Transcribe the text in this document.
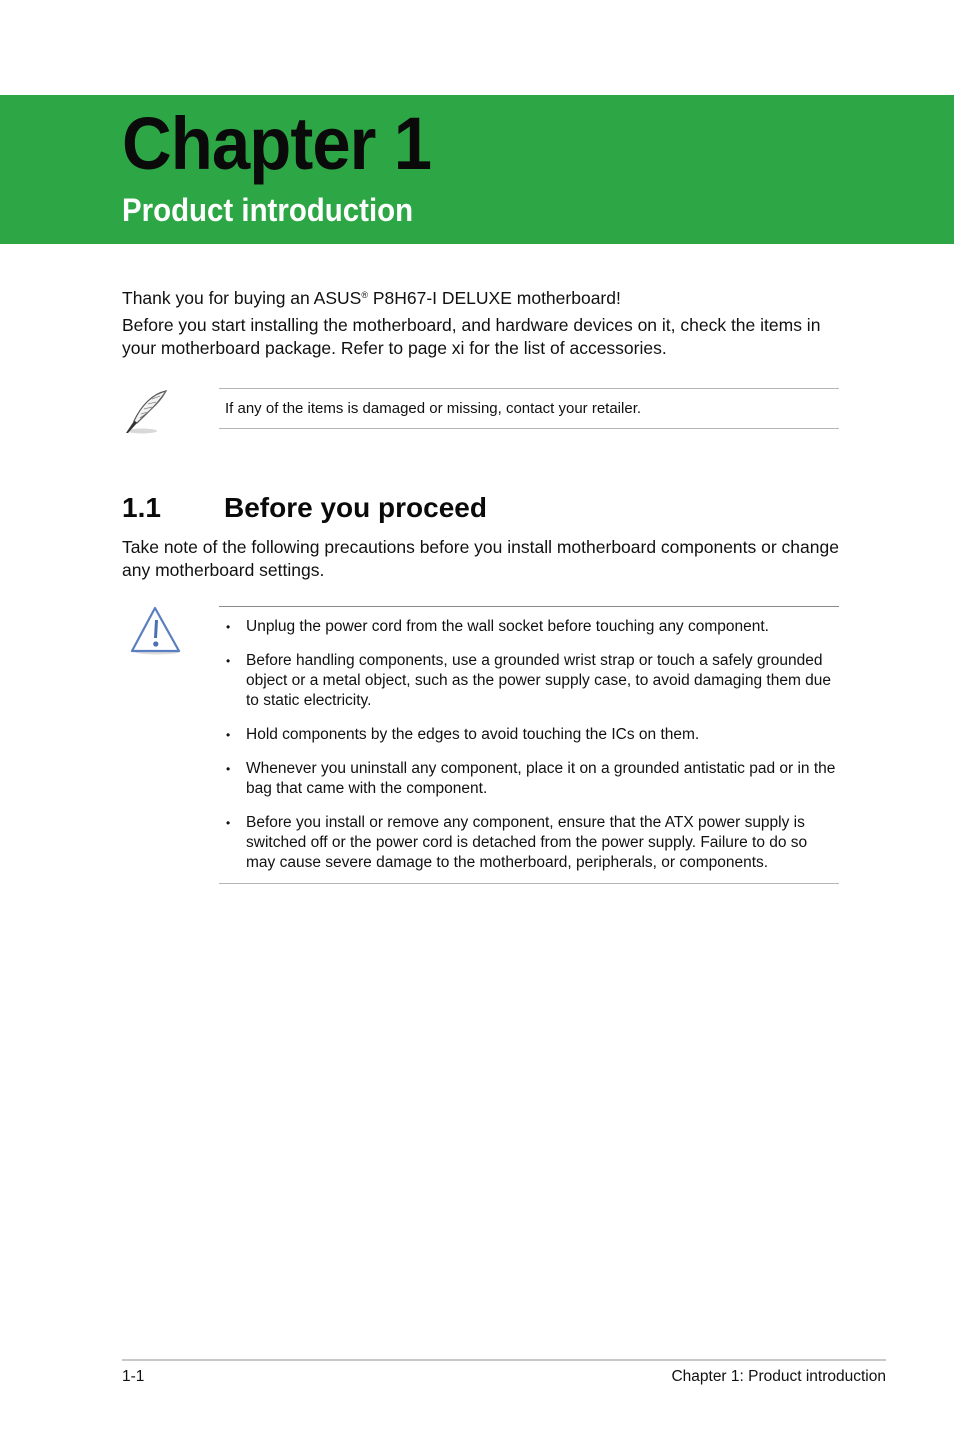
Chapter 1
Product introduction

Thank you for buying an ASUS® P8H67-I DELUXE motherboard!

Before you start installing the motherboard, and hardware devices on it, check the items in your motherboard package. Refer to page xi for the list of accessories.

If any of the items is damaged or missing, contact your retailer.

1.1 Before you proceed

Take note of the following precautions before you install motherboard components or change any motherboard settings.

• Unplug the power cord from the wall socket before touching any component.
• Before handling components, use a grounded wrist strap or touch a safely grounded object or a metal object, such as the power supply case, to avoid damaging them due to static electricity.
• Hold components by the edges to avoid touching the ICs on them.
• Whenever you uninstall any component, place it on a grounded antistatic pad or in the bag that came with the component.
• Before you install or remove any component, ensure that the ATX power supply is switched off or the power cord is detached from the power supply. Failure to do so may cause severe damage to the motherboard, peripherals, or components.

1-1	Chapter 1: Product introduction
